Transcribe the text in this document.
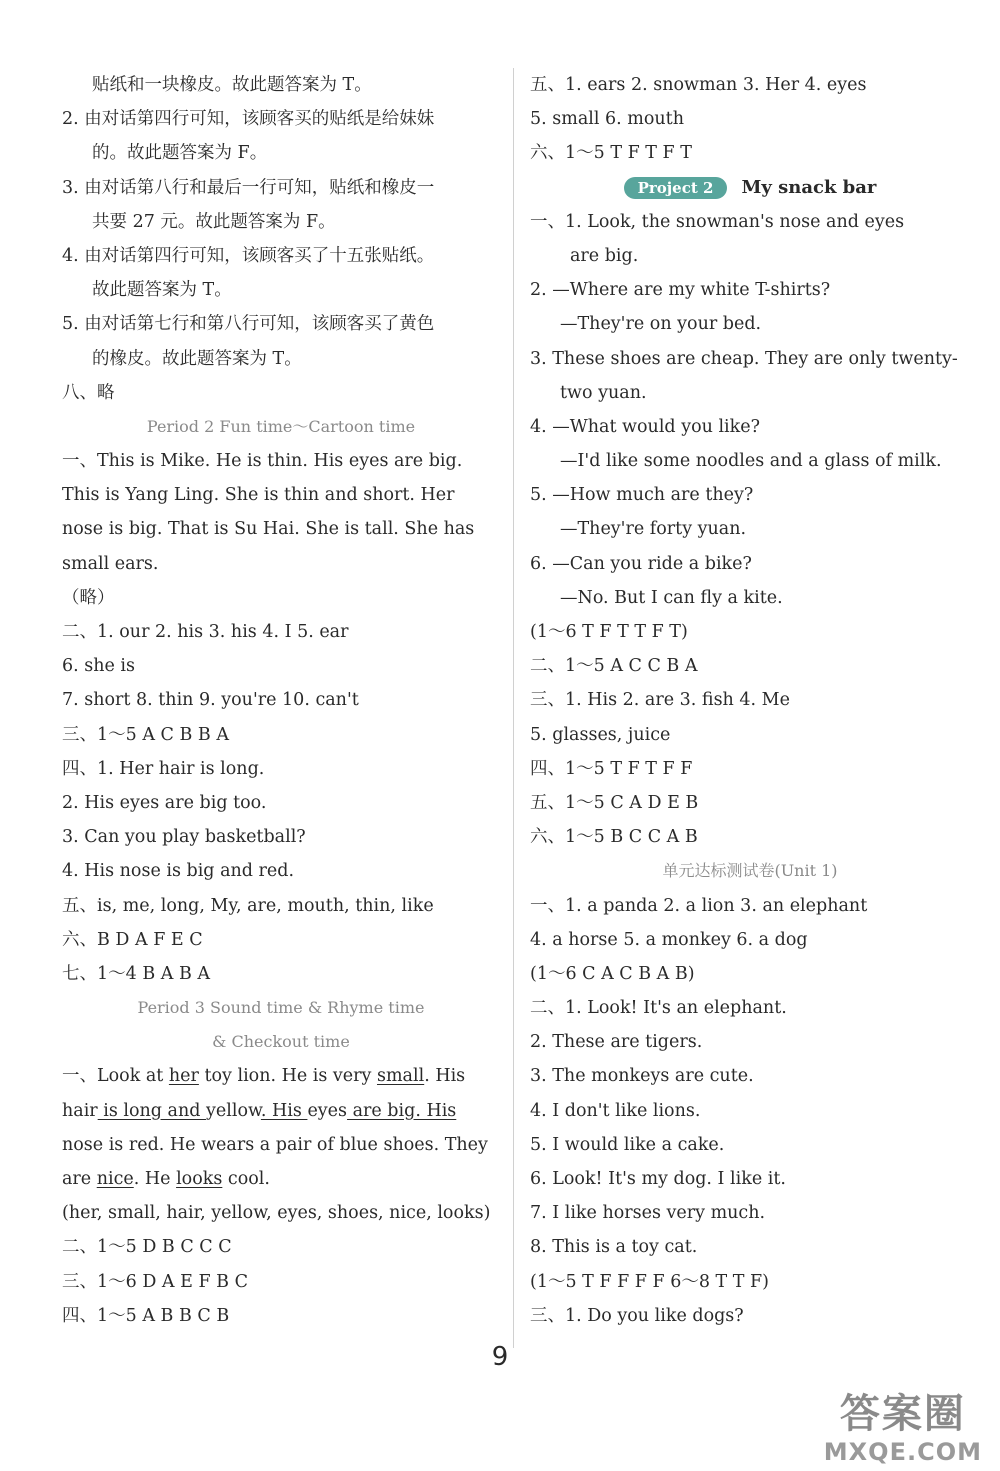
贴纸和一块橡皮。故此题答案为 T。
2. 由对话第四行可知，该顾客买的贴纸是给妹妹
的。故此题答案为 F。
3. 由对话第八行和最后一行可知，贴纸和橡皮一
共要 27 元。故此题答案为 F。
4. 由对话第四行可知，该顾客买了十五张贴纸。
故此题答案为 T。
5. 由对话第七行和第八行可知，该顾客买了黄色
的橡皮。故此题答案为 T。
八、略
Period 2 Fun time～Cartoon time
一、This is Mike. He is thin. His eyes are big.
This is Yang Ling. She is thin and short. Her
nose is big. That is Su Hai. She is tall. She has
small ears.
（略）
二、1. our 2. his 3. his 4. I 5. ear
6. she is
7. short 8. thin 9. you're 10. can't
三、1～5 A C B B A
四、1. Her hair is long.
2. His eyes are big too.
3. Can you play basketball?
4. His nose is big and red.
五、is, me, long, My, are, mouth, thin, like
六、B D A F E C
七、1～4 B A B A
Period 3 Sound time & Rhyme time
& Checkout time
一、Look at her toy lion. He is very small. His
hair is long and yellow. His eyes are big. His
nose is red. He wears a pair of blue shoes. They
are nice. He looks cool.
(her, small, hair, yellow, eyes, shoes, nice, looks)
二、1～5 D B C C C
三、1～6 D A E F B C
四、1～5 A B B C B
五、1. ears 2. snowman 3. Her 4. eyes
5. small 6. mouth
六、1～5 T F T F T
Project 2	My snack bar
一、1. Look, the snowman's nose and eyes
are big.
2. —Where are my white T-shirts?
—They're on your bed.
3. These shoes are cheap. They are only twenty-
two yuan.
4. —What would you like?
—I'd like some noodles and a glass of milk.
5. —How much are they?
—They're forty yuan.
6. —Can you ride a bike?
—No. But I can fly a kite.
(1～6 T F T T F T)
二、1～5 A C C B A
三、1. His 2. are 3. fish 4. Me
5. glasses, juice
四、1～5 T F T F F
五、1～5 C A D E B
六、1～5 B C C A B
单元达标测试卷(Unit 1)
一、1. a panda 2. a lion 3. an elephant
4. a horse 5. a monkey 6. a dog
(1～6 C A C B A B)
二、1. Look! It's an elephant.
2. These are tigers.
3. The monkeys are cute.
4. I don't like lions.
5. I would like a cake.
6. Look! It's my dog. I like it.
7. I like horses very much.
8. This is a toy cat.
(1～5 T F F F F 6～8 T T F)
三、1. Do you like dogs?
9
答案圈
MXQE.COM
